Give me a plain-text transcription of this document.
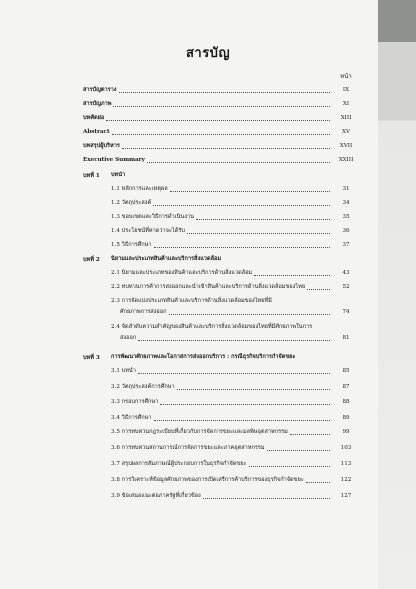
สารบัญ
หน้า
สารบัญตาราง	IX
สารบัญภาพ	XI
บทคัดย่อ	XIII
Abstract	XV
บทสรุปผู้บริหาร	XVII
Executive Summary	XXIII
บทที่ 1 บทนำ
1.1 หลักการและเหตุผล	31
1.2 วัตถุประสงค์	34
1.3 ขอบเขตและวิธีการดำเนินงาน	35
1.4 ประโยชน์ที่คาดว่าจะได้รับ	36
1.5 วิธีการศึกษา	37
บทที่ 2 นิยามและประเภทสินค้าและบริการสิ่งแวดล้อม
2.1 นิยามและประเภทของสินค้าและบริการด้านสิ่งแวดล้อม	43
2.2 ทบทวนการค้าการส่งออกและนำเข้าสินค้าและบริการด้านสิ่งแวดล้อมของไทย	52
2.3 การจัดแบ่งประเภทสินค้าและบริการด้านสิ่งแวดล้อมของไทยที่มี
ศักยภาพการส่งออก	74
2.4 จัดลำดับความสำคัญของสินค้าและบริการสิ่งแวดล้อมของไทยที่มีศักยภาพในการ
ส่งออก	81
บทที่ 3 การพัฒนาศักยภาพและโอกาสการส่งออกบริการ : กรณีธุรกิจบริการกำจัดขยะ
3.1 บทนำ	85
3.2 วัตถุประสงค์การศึกษา	87
3.3 กรอบการศึกษา	88
3.4 วิธีการศึกษา	89
3.5 การทบทวนกฎระเบียบที่เกี่ยวกับการจัดการขยะและมลพิษอุตสาหกรรม	99
3.6 การทบทวนสถานการณ์การจัดการขยะและภาคอุตสาหกรรม	103
3.7 สรุปผลการสัมภาษณ์ผู้ประกอบการในธุรกิจกำจัดขยะ	113
3.8 การวิเคราะห์ข้อมูลศักยภาพของการเปิดเสรีการค้าบริการของธุรกิจกำจัดขยะ	122
3.9 ข้อเสนอแนะต่อภาครัฐที่เกี่ยวข้อง	127
